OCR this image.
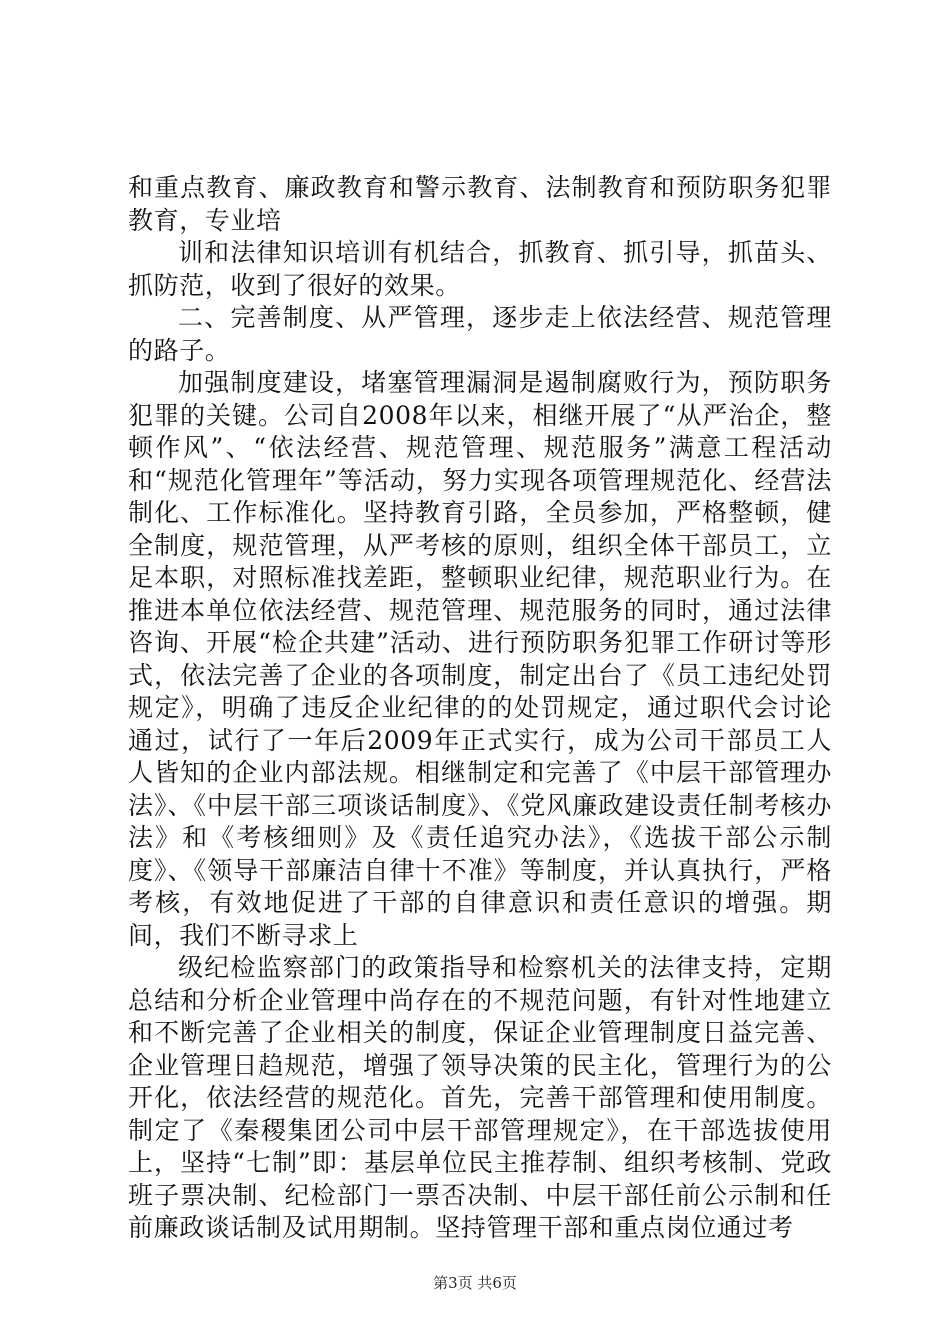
和重点教育、廉政教育和警示教育、法制教育和预防职务犯罪教育，专业培

训和法律知识培训有机结合，抓教育、抓引导，抓苗头、抓防范，收到了很好的效果。

二、完善制度、从严管理，逐步走上依法经营、规范管理的路子。

加强制度建设，堵塞管理漏洞是遏制腐败行为，预防职务犯罪的关键。公司自2008年以来，相继开展了“从严治企，整顿作风”、“依法经营、规范管理、规范服务”满意工程活动和“规范化管理年”等活动，努力实现各项管理规范化、经营法制化、工作标准化。坚持教育引路，全员参加，严格整顿，健全制度，规范管理，从严考核的原则，组织全体干部员工，立足本职，对照标准找差距，整顿职业纪律，规范职业行为。在推进本单位依法经营、规范管理、规范服务的同时，通过法律咨询、开展“检企共建”活动、进行预防职务犯罪工作研讨等形式，依法完善了企业的各项制度，制定出台了《员工违纪处罚规定》，明确了违反企业纪律的的处罚规定，通过职代会讨论通过，试行了一年后2009年正式实行，成为公司干部员工人人皆知的企业内部法规。相继制定和完善了《中层干部管理办法》、《中层干部三项谈话制度》、《党风廉政建设责任制考核办法》和《考核细则》及《责任追究办法》，《选拔干部公示制度》、《领导干部廉洁自律十不准》等制度，并认真执行，严格考核，有效地促进了干部的自律意识和责任意识的增强。期间，我们不断寻求上

级纪检监察部门的政策指导和检察机关的法律支持，定期总结和分析企业管理中尚存在的不规范问题，有针对性地建立和不断完善了企业相关的制度，保证企业管理制度日益完善、企业管理日趋规范，增强了领导决策的民主化，管理行为的公开化，依法经营的规范化。首先，完善干部管理和使用制度。制定了《秦稷集团公司中层干部管理规定》，在干部选拔使用上，坚持“七制”即：基层单位民主推荐制、组织考核制、党政班子票决制、纪检部门一票否决制、中层干部任前公示制和任前廉政谈话制及试用期制。坚持管理干部和重点岗位通过考

第3页 共6页
